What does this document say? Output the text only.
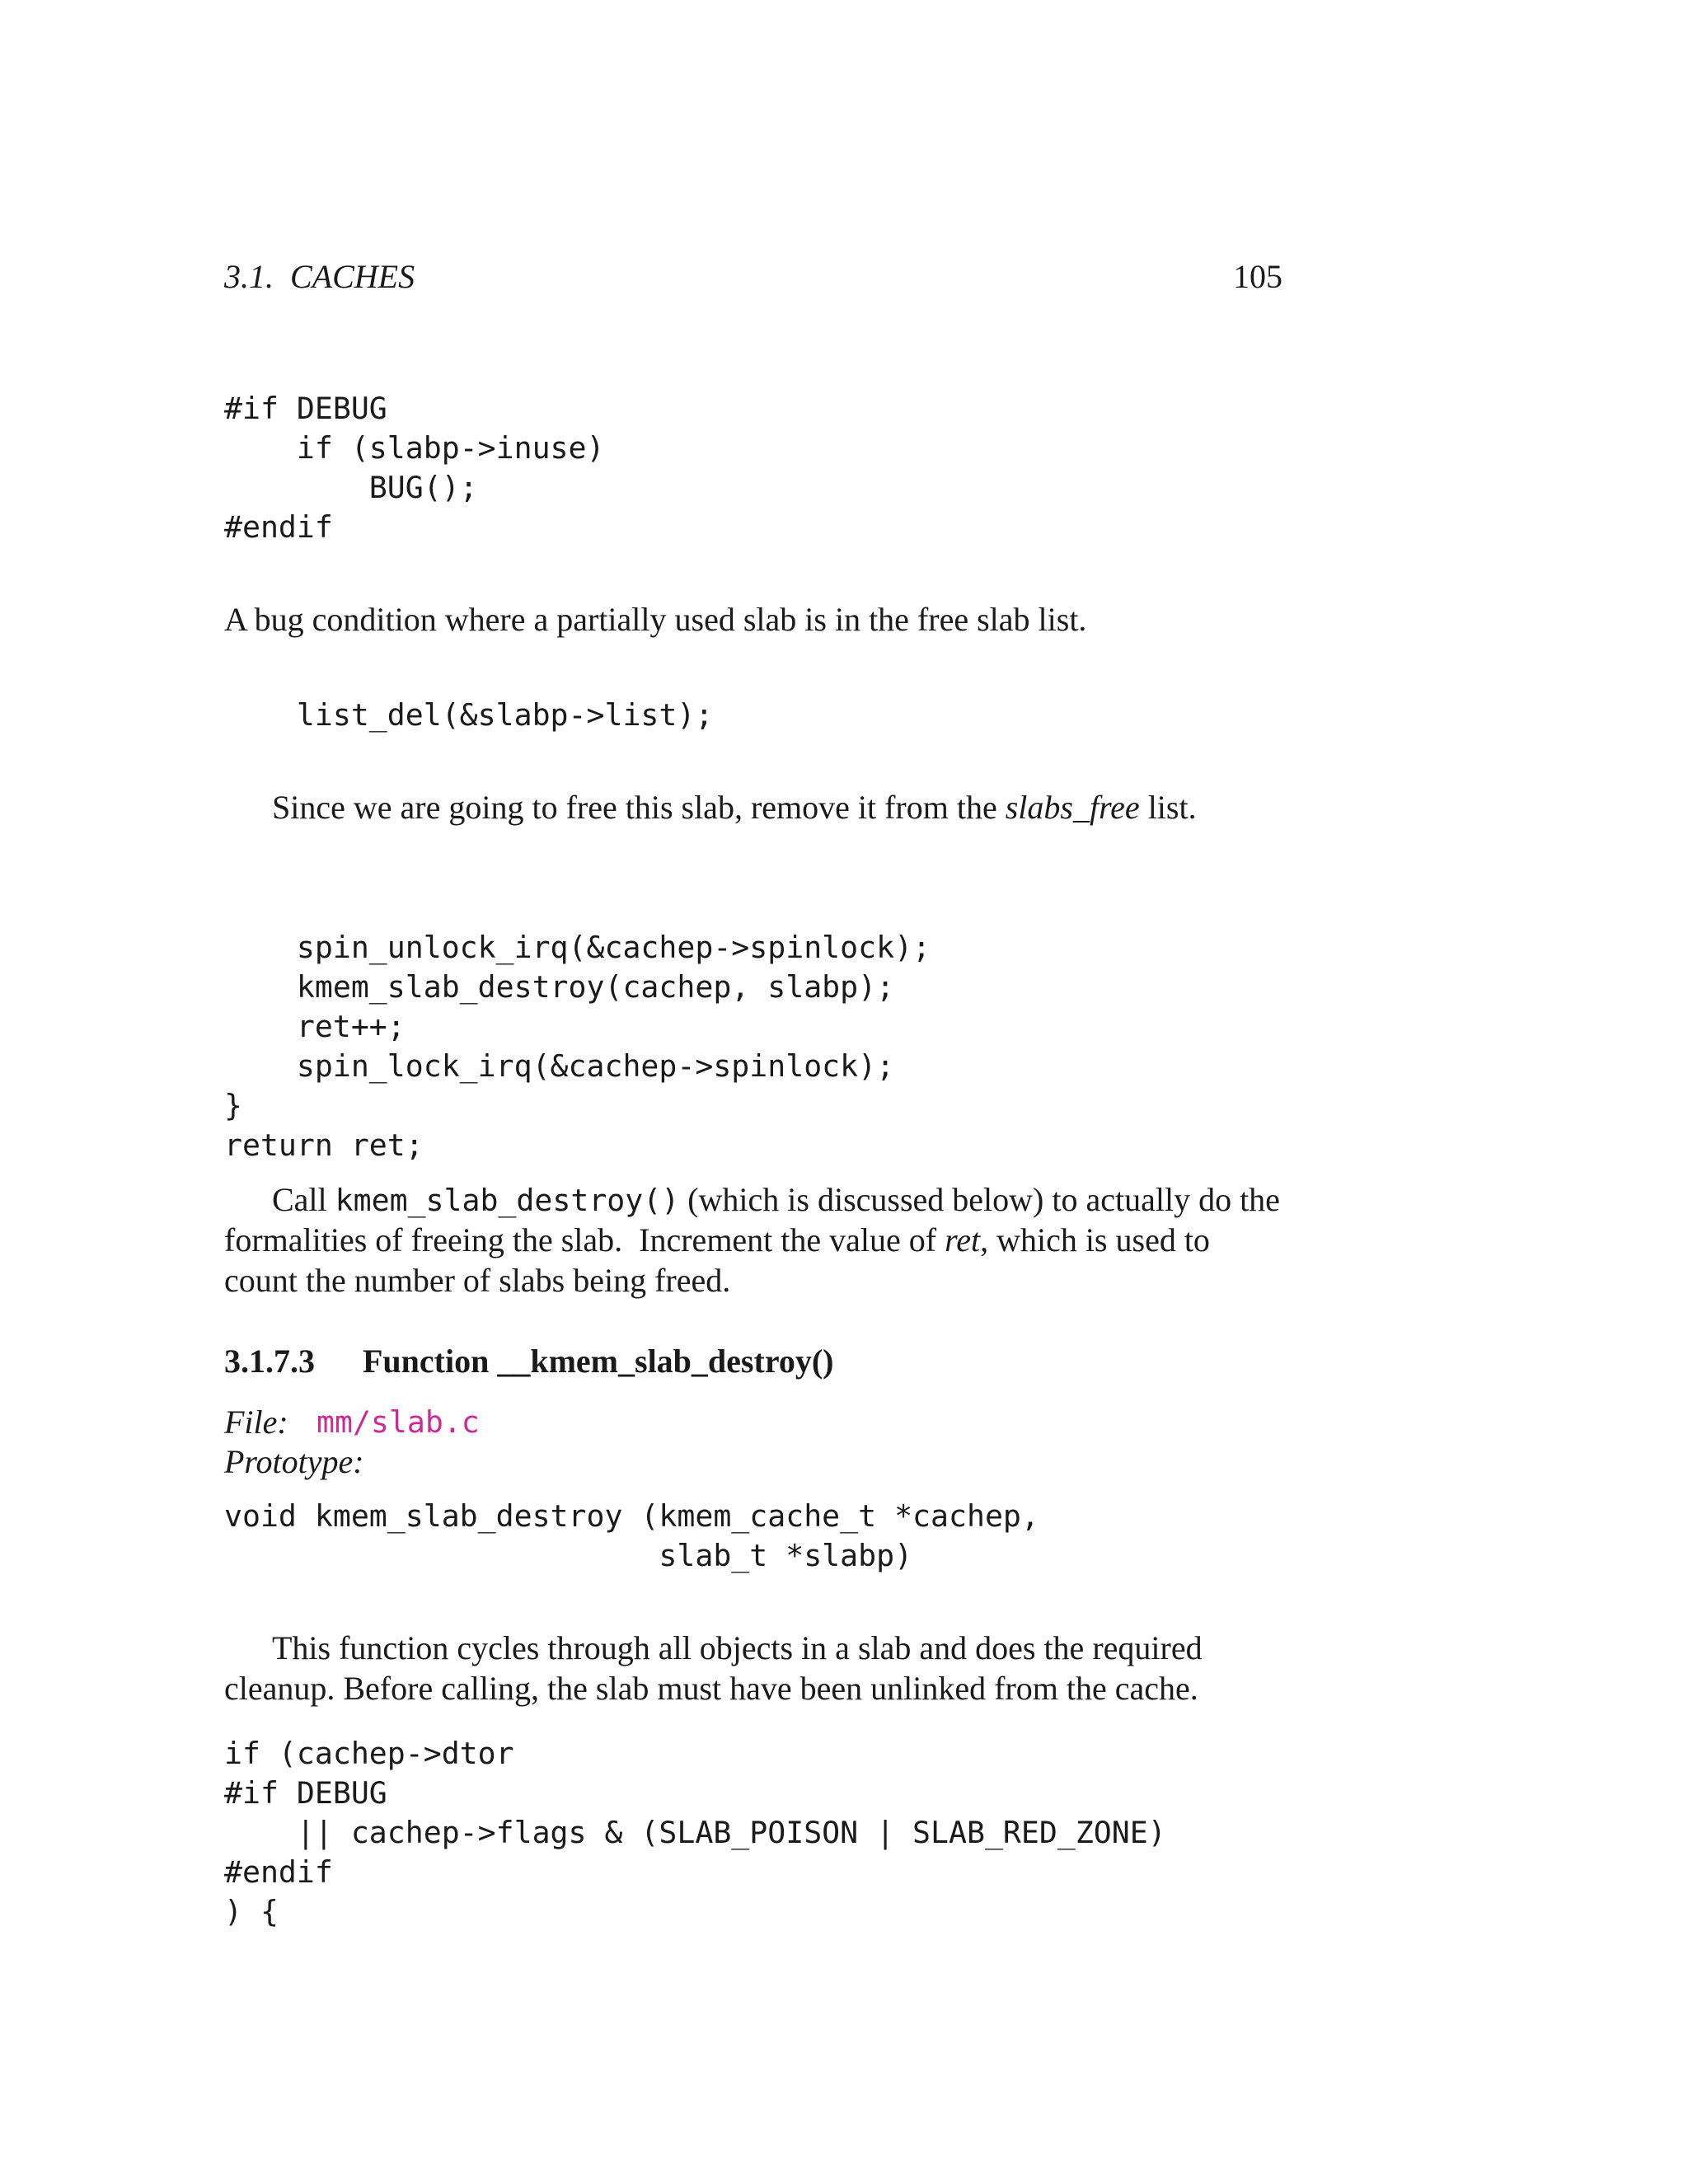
3.1.  CACHES	105
#if DEBUG
if (slabp->inuse)
BUG();
#endif
A bug condition where a partially used slab is in the free slab list.
list_del(&slabp->list);
Since we are going to free this slab, remove it from the slabs_free list.
spin_unlock_irq(&cachep->spinlock);
kmem_slab_destroy(cachep, slabp);
ret++;
spin_lock_irq(&cachep->spinlock);
}
return ret;
Call kmem_slab_destroy() (which is discussed below) to actually do the
formalities of freeing the slab.  Increment the value of ret, which is used to
count the number of slabs being freed.
3.1.7.3 Function __kmem_slab_destroy()
File: mm/slab.c
Prototype:
void kmem_slab_destroy (kmem_cache_t *cachep,
slab_t *slabp)
This function cycles through all objects in a slab and does the required
cleanup. Before calling, the slab must have been unlinked from the cache.
if (cachep->dtor
#if DEBUG
|| cachep->flags & (SLAB_POISON | SLAB_RED_ZONE)
#endif
) {
